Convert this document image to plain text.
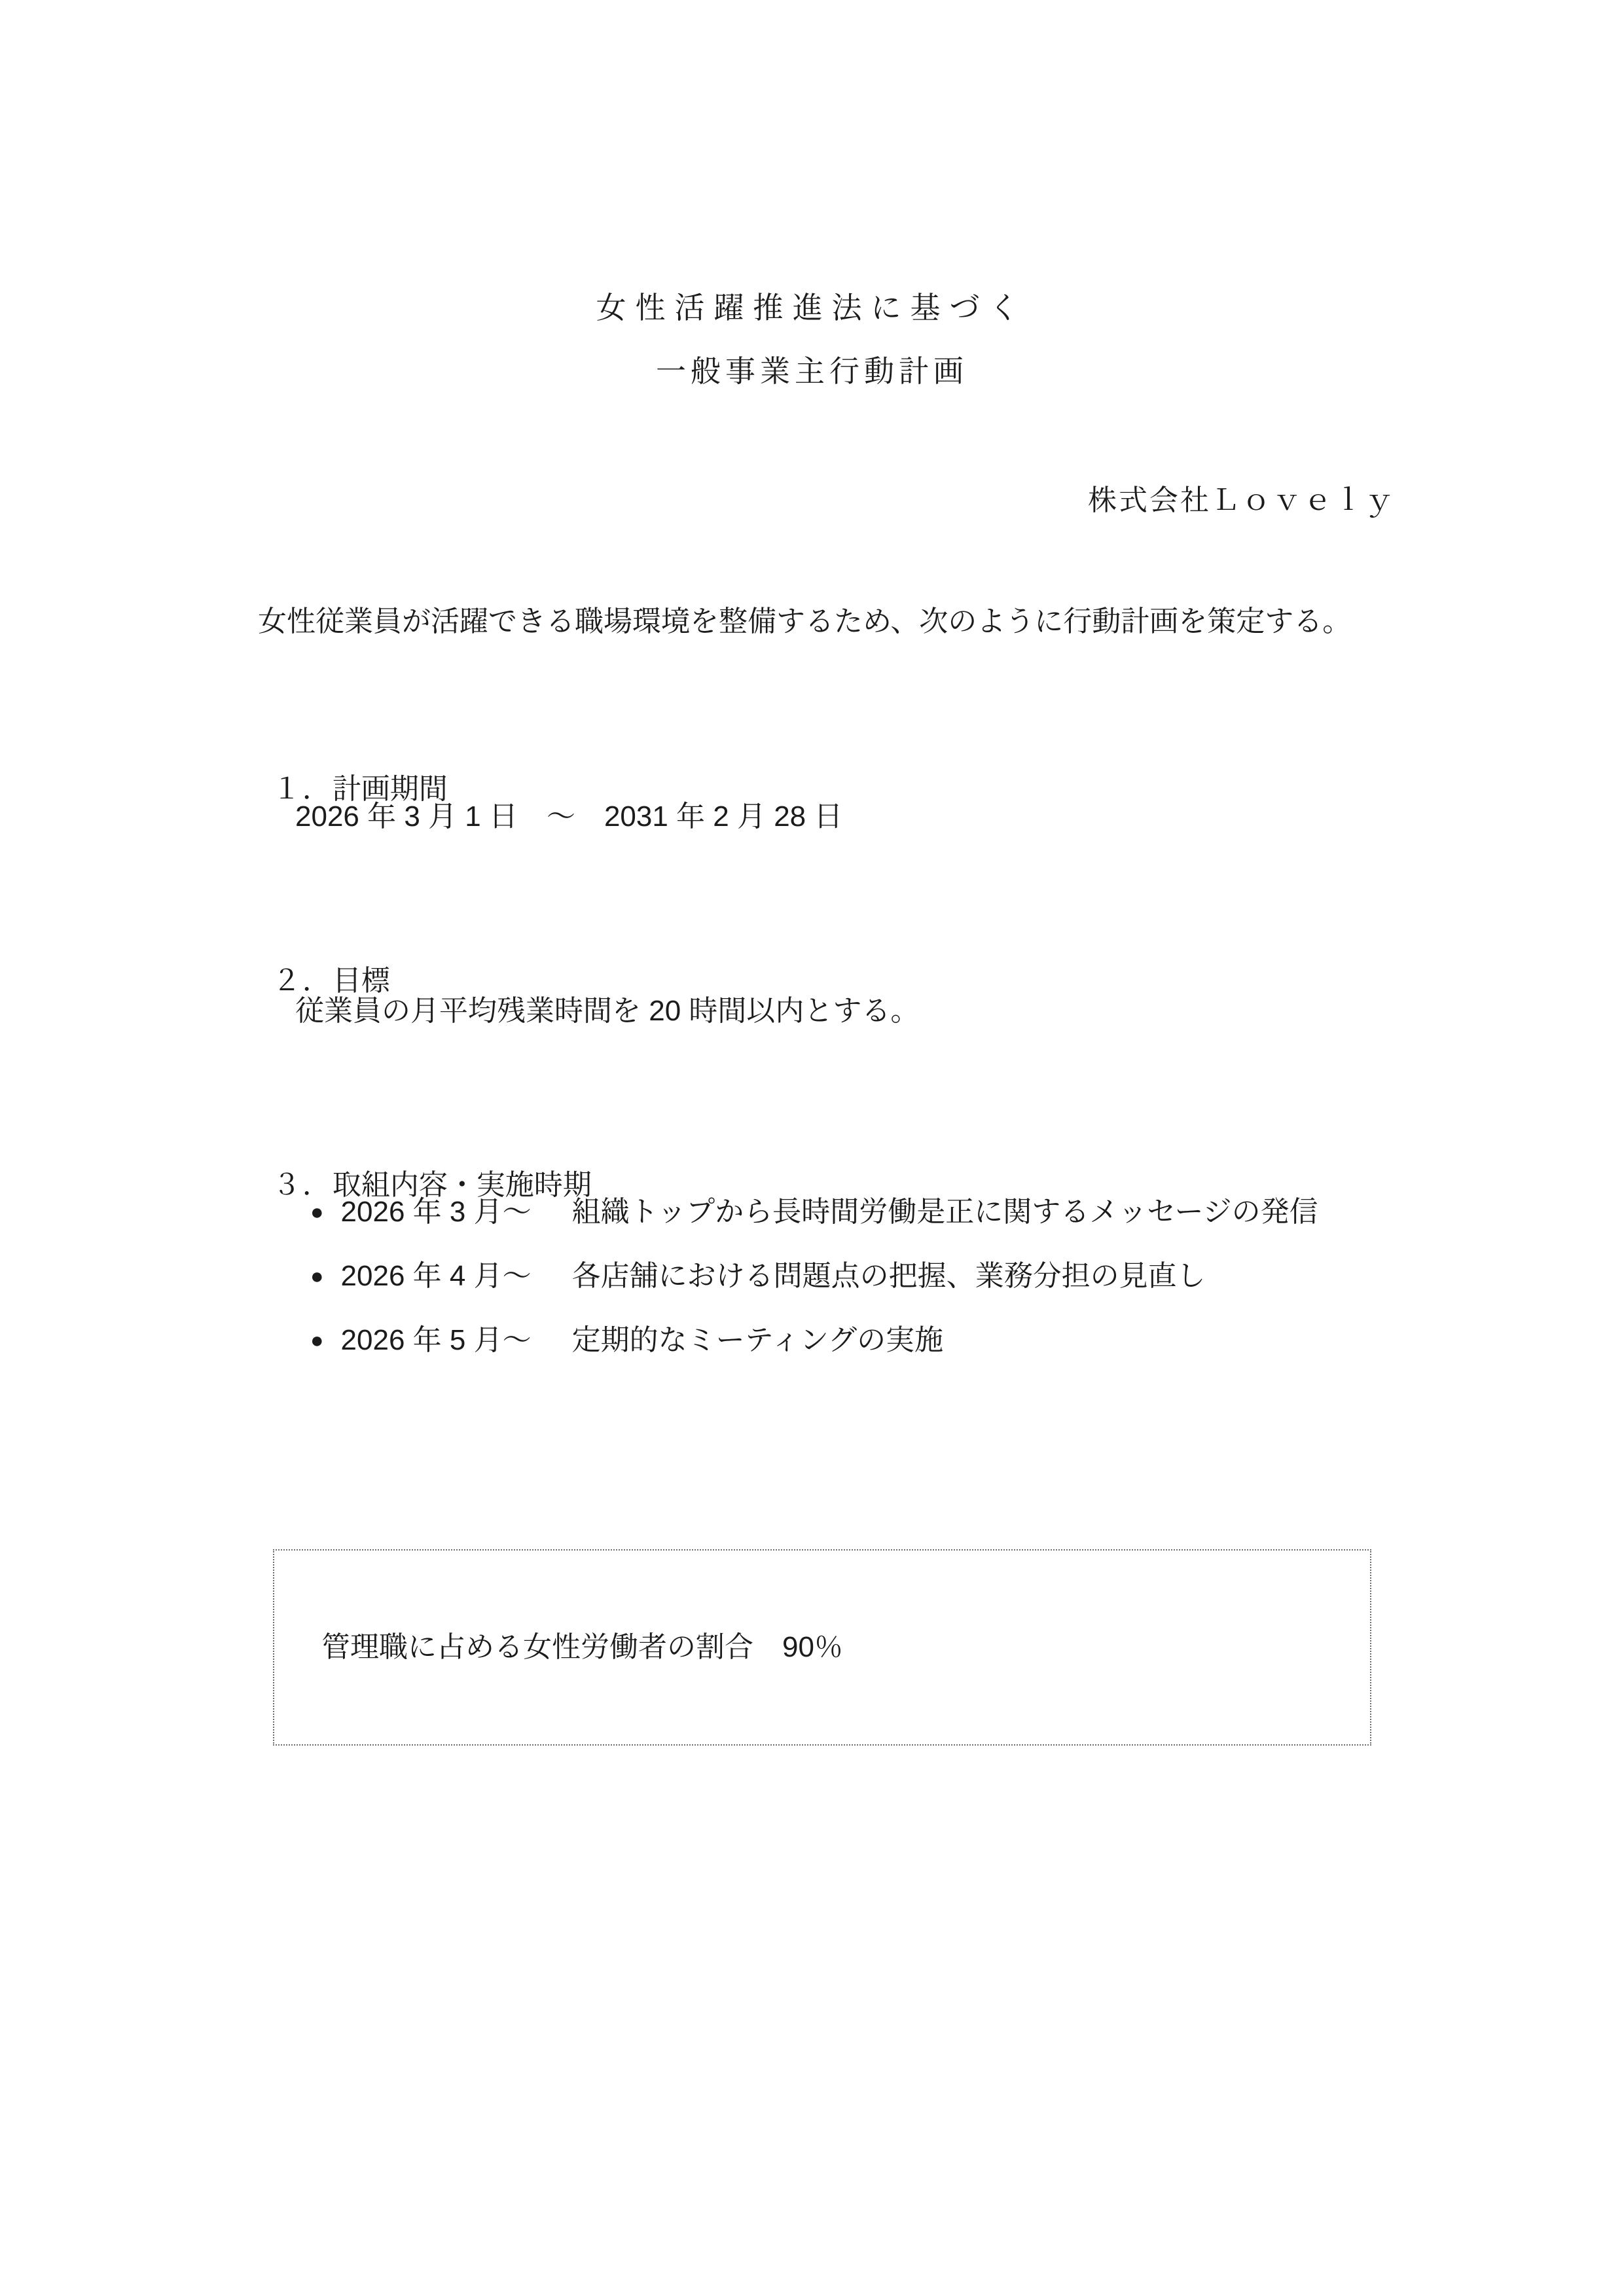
女性活躍推進法に基づく
一般事業主行動計画
株式会社Ｌｏｖｅｌｙ
女性従業員が活躍できる職場環境を整備するため、次のように行動計画を策定する。

１．計画期間

2026 年 3 月 1 日　～　2031 年 2 月 28 日

２．目標

従業員の月平均残業時間を 20 時間以内とする。

３．取組内容・実施時期

● 2026 年 3 月～ 組織トップから長時間労働是正に関するメッセージの発信
● 2026 年 4 月～ 各店舗における問題点の把握、業務分担の見直し
● 2026 年 5 月～ 定期的なミーティングの実施
管理職に占める女性労働者の割合　90％
